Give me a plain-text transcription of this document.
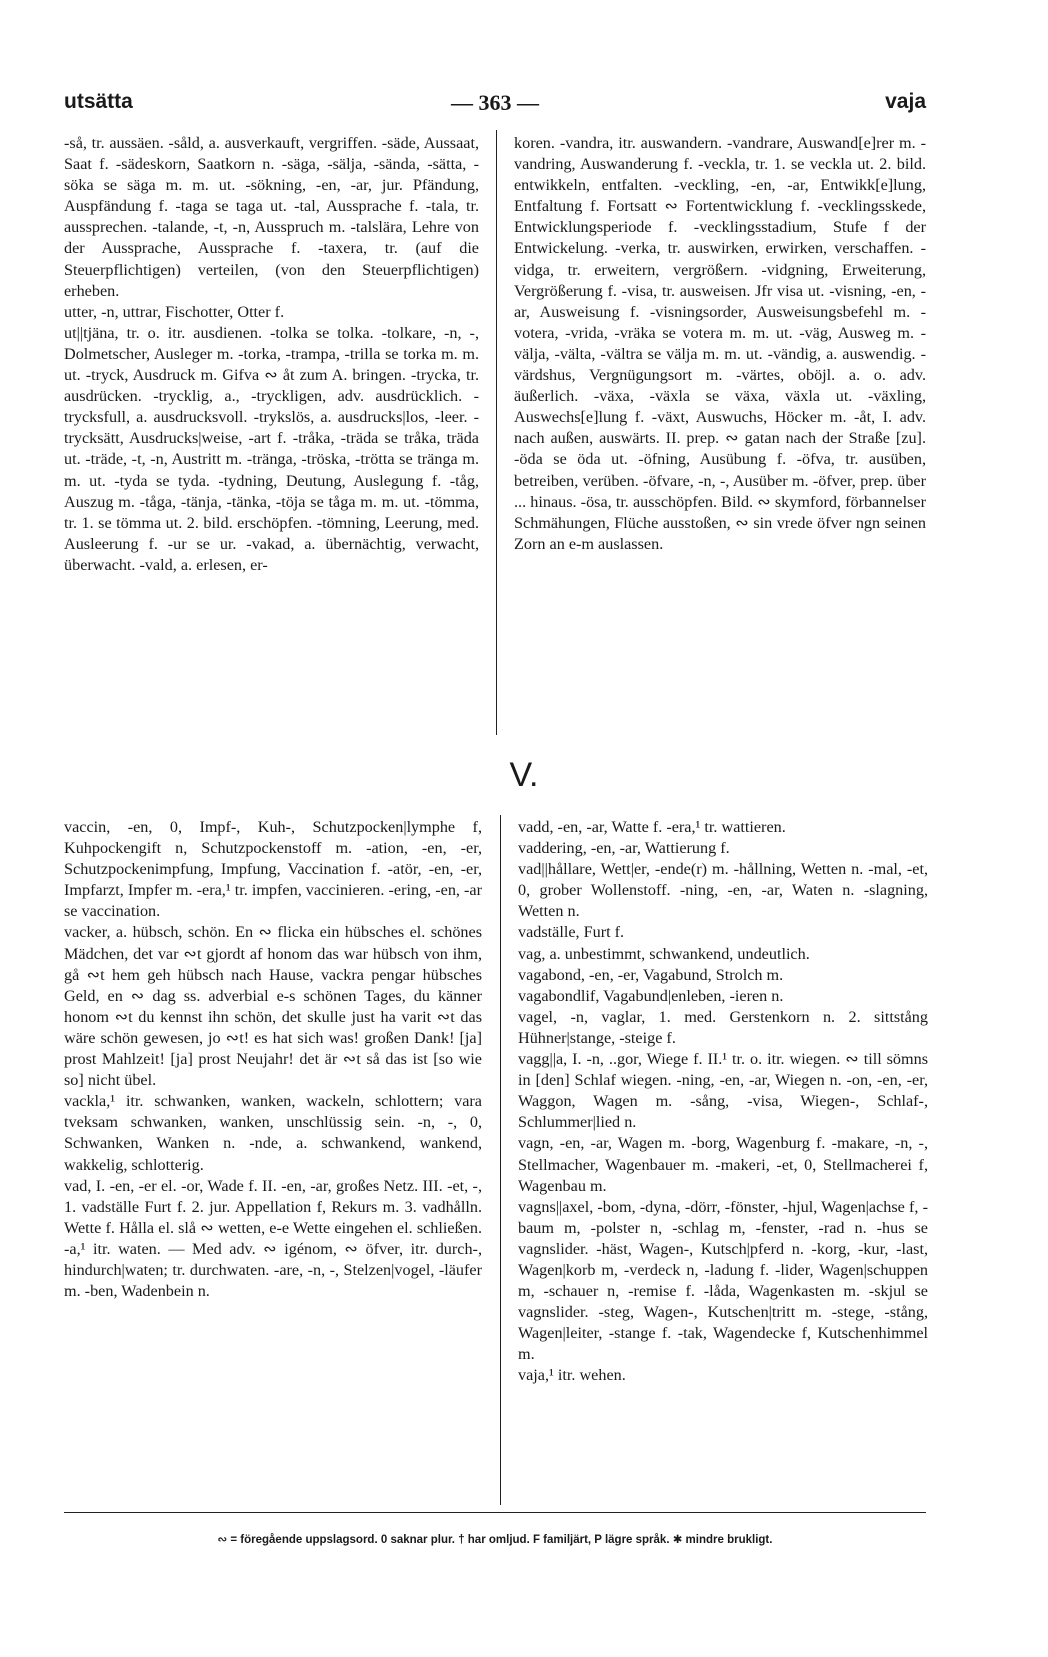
utsätta	— 363 —	vaja

-så, tr. aussäen. -såld, a. ausverkauft, vergriffen. -säde, Aussaat, Saat f. -sädeskorn, Saatkorn n. -säga, -sälja, -sända, -sätta, -söka se säga m. m. ut. -sökning, -en, -ar, jur. Pfändung, Auspfändung f. -taga se taga ut. -tal, Aussprache f. -tala, tr. aussprechen. -talande, -t, -n, Ausspruch m. -talslära, Lehre von der Aussprache, Aussprache f. -taxera, tr. (auf die Steuerpflichtigen) verteilen, (von den Steuerpflichtigen) erheben.

utter, -n, uttrar, Fischotter, Otter f.

ut||tjäna, tr. o. itr. ausdienen. -tolka se tolka. -tolkare, -n, -, Dolmetscher, Ausleger m. -torka, -trampa, -trilla se torka m. m. ut. -tryck, Ausdruck m. Gifva ∾ åt zum A. bringen. -trycka, tr. ausdrücken. -trycklig, a., -tryckligen, adv. ausdrücklich. -trycksfull, a. ausdrucksvoll. -trykslös, a. ausdrucks|los, -leer. -trycksätt, Ausdrucks|weise, -art f. -tråka, -träda se tråka, träda ut. -träde, -t, -n, Austritt m. -tränga, -tröska, -trötta se tränga m. m. ut. -tyda se tyda. -tydning, Deutung, Auslegung f. -tåg, Auszug m. -tåga, -tänja, -tänka, -töja se tåga m. m. ut. -tömma, tr. 1. se tömma ut. 2. bild. erschöpfen. -tömning, Leerung, med. Ausleerung f. -ur se ur. -vakad, a. übernächtig, verwacht, überwacht. -vald, a. erlesen, er-

koren. -vandra, itr. auswandern. -vandrare, Auswand[e]rer m. -vandring, Auswanderung f. -veckla, tr. 1. se veckla ut. 2. bild. entwikkeln, entfalten. -veckling, -en, -ar, Entwikk[e]lung, Entfaltung f. Fortsatt ∾ Fortentwicklung f. -vecklingsskede, Entwicklungsperiode f. -vecklingsstadium, Stufe f der Entwickelung. -verka, tr. auswirken, erwirken, verschaffen. -vidga, tr. erweitern, vergrößern. -vidgning, Erweiterung, Vergrößerung f. -visa, tr. ausweisen. Jfr visa ut. -visning, -en, -ar, Ausweisung f. -visningsorder, Ausweisungsbefehl m. -votera, -vrida, -vräka se votera m. m. ut. -väg, Ausweg m. -välja, -välta, -vältra se välja m. m. ut. -vändig, a. auswendig. -värdshus, Vergnügungsort m. -värtes, oböjl. a. o. adv. äußerlich. -växa, -växla se växa, växla ut. -växling, Auswechs[e]lung f. -växt, Auswuchs, Höcker m. -åt, I. adv. nach außen, auswärts. II. prep. ∾ gatan nach der Straße [zu]. -öda se öda ut. -öfning, Ausübung f. -öfva, tr. ausüben, betreiben, verüben. -öfvare, -n, -, Ausüber m. -öfver, prep. über ... hinaus. -ösa, tr. ausschöpfen. Bild. ∾ skymford, förbannelser Schmähungen, Flüche ausstoßen, ∾ sin vrede öfver ngn seinen Zorn an e-m auslassen.

V.

vaccin, -en, 0, Impf-, Kuh-, Schutzpocken|lymphe f, Kuhpockengift n, Schutzpockenstoff m. -ation, -en, -er, Schutzpockenimpfung, Impfung, Vaccination f. -atör, -en, -er, Impfarzt, Impfer m. -era,¹ tr. impfen, vaccinieren. -ering, -en, -ar se vaccination.

vacker, a. hübsch, schön. En ∾ flicka ein hübsches el. schönes Mädchen, det var ∾t gjordt af honom das war hübsch von ihm, gå ∾t hem geh hübsch nach Hause, vackra pengar hübsches Geld, en ∾ dag ss. adverbial e-s schönen Tages, du känner honom ∾t du kennst ihn schön, det skulle just ha varit ∾t das wäre schön gewesen, jo ∾t! es hat sich was! großen Dank! [ja] prost Mahlzeit! [ja] prost Neujahr! det är ∾t så das ist [so wie so] nicht übel.

vackla,¹ itr. schwanken, wanken, wackeln, schlottern; vara tveksam schwanken, wanken, unschlüssig sein. -n, -, 0, Schwanken, Wanken n. -nde, a. schwankend, wankend, wakkelig, schlotterig.

vad, I. -en, -er el. -or, Wade f. II. -en, -ar, großes Netz. III. -et, -, 1. vadställe Furt f. 2. jur. Appellation f, Rekurs m. 3. vadhålln. Wette f. Hålla el. slå ∾ wetten, e-e Wette eingehen el. schließen. -a,¹ itr. waten. — Med adv. ∾ igénom, ∾ öfver, itr. durch-, hindurch|waten; tr. durchwaten. -are, -n, -, Stelzen|vogel, -läufer m. -ben, Wadenbein n.

vadd, -en, -ar, Watte f. -era,¹ tr. wattieren.

vaddering, -en, -ar, Wattierung f.

vad||hållare, Wett|er, -ende(r) m. -hållning, Wetten n. -mal, -et, 0, grober Wollenstoff. -ning, -en, -ar, Waten n. -slagning, Wetten n.

vadställe, Furt f.

vag, a. unbestimmt, schwankend, undeutlich.

vagabond, -en, -er, Vagabund, Strolch m.

vagabondlif, Vagabund|enleben, -ieren n.

vagel, -n, vaglar, 1. med. Gerstenkorn n. 2. sittstång Hühner|stange, -steige f.

vagg||a, I. -n, ..gor, Wiege f. II.¹ tr. o. itr. wiegen. ∾ till sömns in [den] Schlaf wiegen. -ning, -en, -ar, Wiegen n. -on, -en, -er, Waggon, Wagen m. -sång, -visa, Wiegen-, Schlaf-, Schlummer|lied n.

vagn, -en, -ar, Wagen m. -borg, Wagenburg f. -makare, -n, -, Stellmacher, Wagenbauer m. -makeri, -et, 0, Stellmacherei f, Wagenbau m.

vagns||axel, -bom, -dyna, -dörr, -fönster, -hjul, Wagen|achse f, -baum m, -polster n, -schlag m, -fenster, -rad n. -hus se vagnslider. -häst, Wagen-, Kutsch|pferd n. -korg, -kur, -last, Wagen|korb m, -verdeck n, -ladung f. -lider, Wagen|schuppen m, -schauer n, -remise f. -låda, Wagenkasten m. -skjul se vagnslider. -steg, Wagen-, Kutschen|tritt m. -stege, -stång, Wagen|leiter, -stange f. -tak, Wagendecke f, Kutschenhimmel m.

vaja,¹ itr. wehen.

∾ = föregående uppslagsord. 0 saknar plur. † har omljud. F familjärt, P lägre språk. ✱ mindre brukligt.
